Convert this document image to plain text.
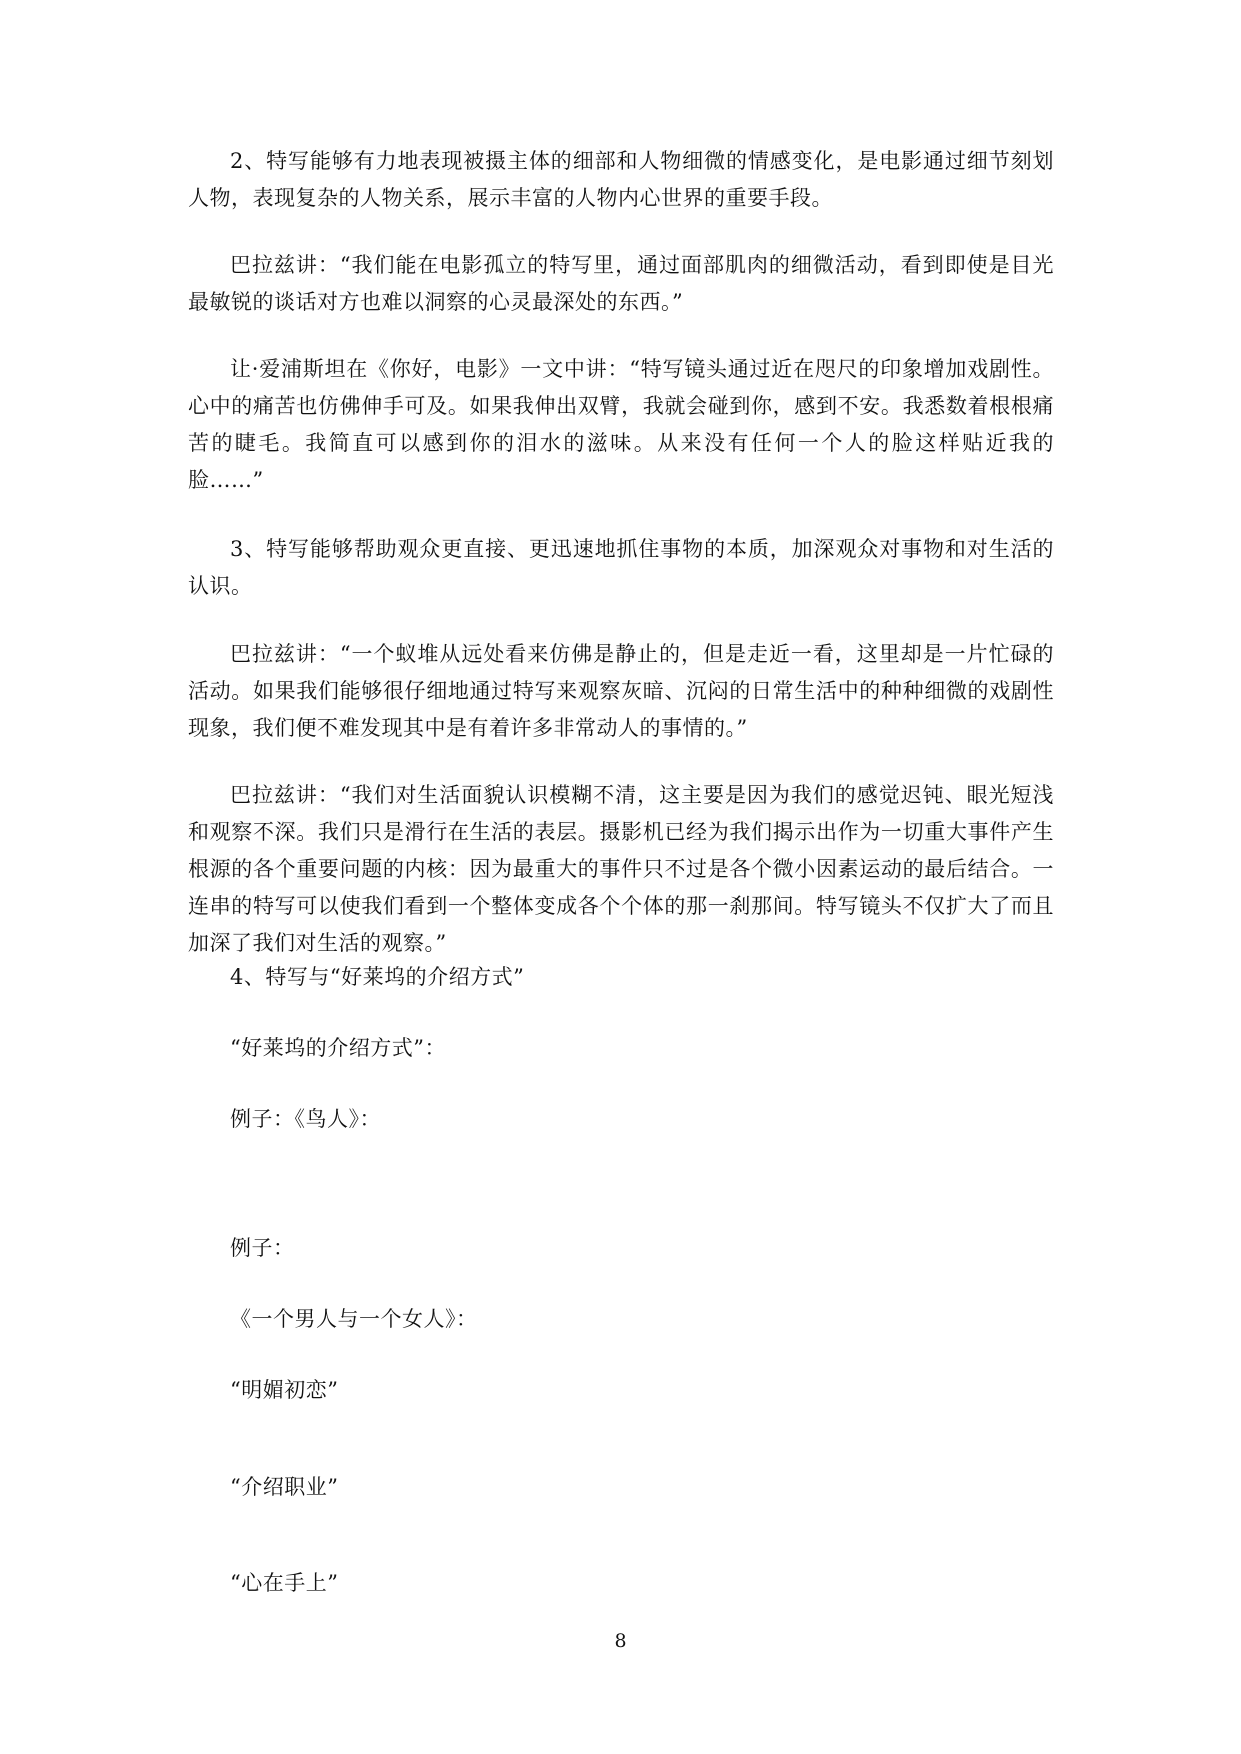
2、特写能够有力地表现被摄主体的细部和人物细微的情感变化，是电影通过细节刻划人物，表现复杂的人物关系，展示丰富的人物内心世界的重要手段。

巴拉兹讲：“我们能在电影孤立的特写里，通过面部肌肉的细微活动，看到即使是目光最敏锐的谈话对方也难以洞察的心灵最深处的东西。”

让·爱浦斯坦在《你好，电影》一文中讲：“特写镜头通过近在咫尺的印象增加戏剧性。心中的痛苦也仿佛伸手可及。如果我伸出双臂，我就会碰到你，感到不安。我悉数着根根痛苦的睫毛。我简直可以感到你的泪水的滋味。从来没有任何一个人的脸这样贴近我的脸……”

3、特写能够帮助观众更直接、更迅速地抓住事物的本质，加深观众对事物和对生活的认识。

巴拉兹讲：“一个蚁堆从远处看来仿佛是静止的，但是走近一看，这里却是一片忙碌的活动。如果我们能够很仔细地通过特写来观察灰暗、沉闷的日常生活中的种种细微的戏剧性现象，我们便不难发现其中是有着许多非常动人的事情的。”

巴拉兹讲：“我们对生活面貌认识模糊不清，这主要是因为我们的感觉迟钝、眼光短浅和观察不深。我们只是滑行在生活的表层。摄影机已经为我们揭示出作为一切重大事件产生根源的各个重要问题的内核：因为最重大的事件只不过是各个微小因素运动的最后结合。一连串的特写可以使我们看到一个整体变成各个个体的那一刹那间。特写镜头不仅扩大了而且加深了我们对生活的观察。”

4、特写与“好莱坞的介绍方式”

“好莱坞的介绍方式”：

例子：《鸟人》：

例子：

《一个男人与一个女人》：

“明媚初恋”

“介绍职业”

“心在手上”

8
